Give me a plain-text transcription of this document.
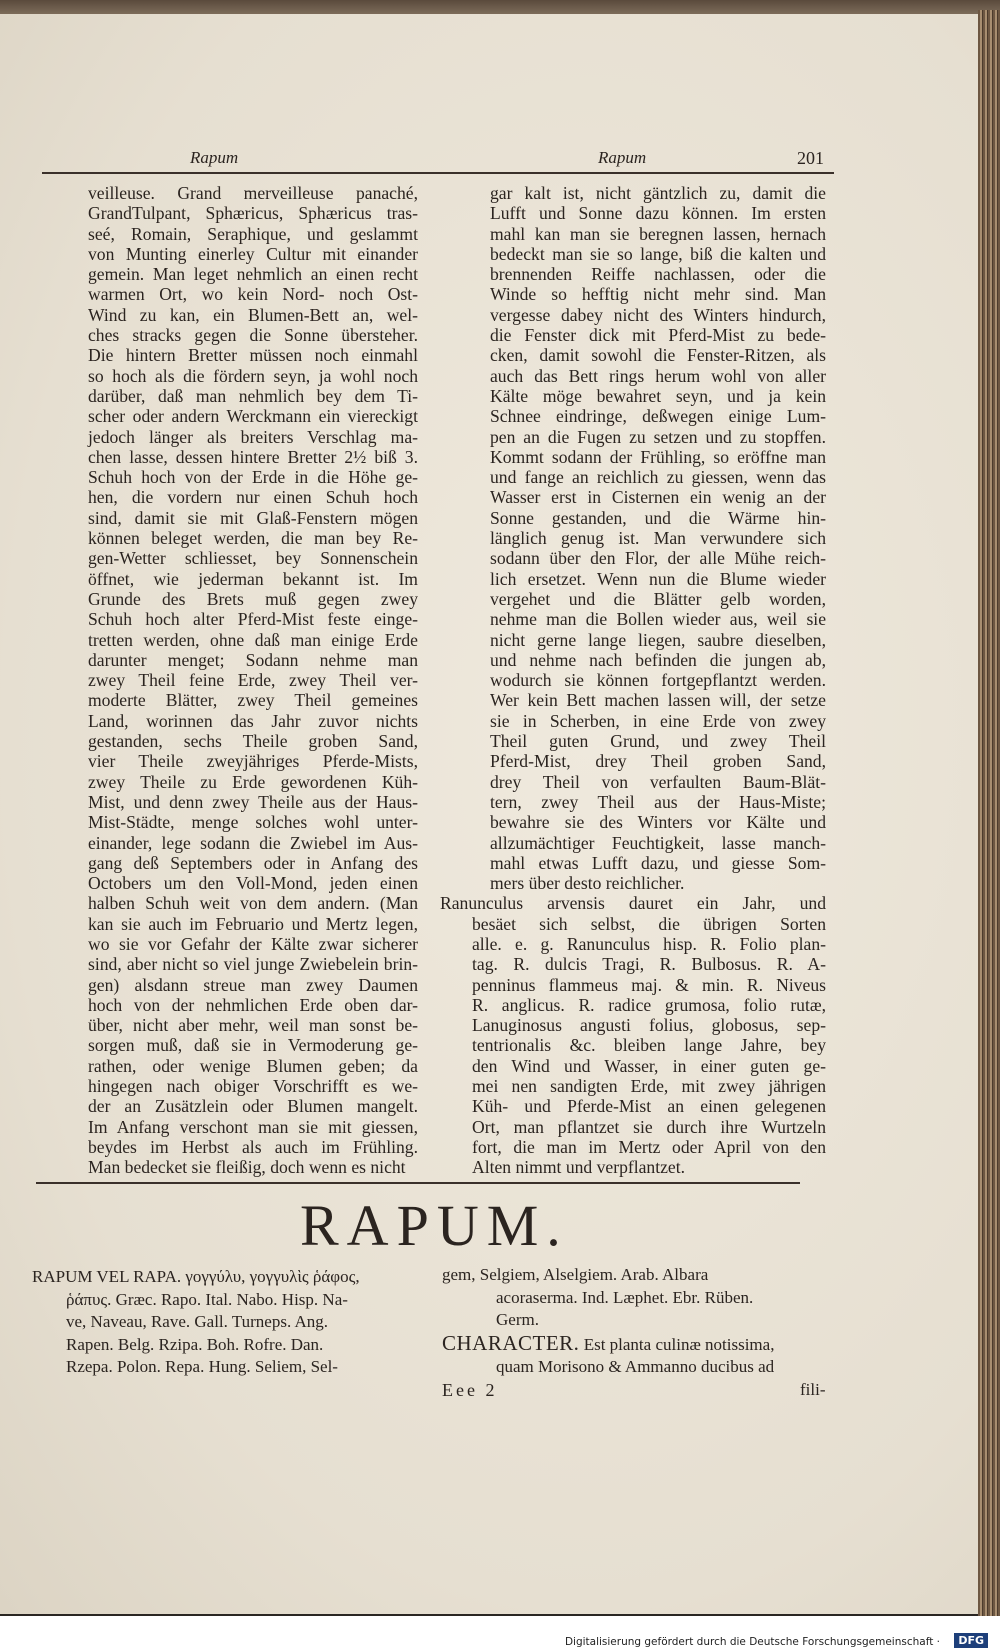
Rapum	Rapum	201
veilleuse. Grand merveilleuse panaché,
GrandTulpant, Sphæricus, Sphæricus tras-
seé, Romain, Seraphique, und geslammt
von Munting einerley Cultur mit einander
gemein. Man leget nehmlich an einen recht
warmen Ort, wo kein Nord- noch Ost-
Wind zu kan, ein Blumen-Bett an, wel-
ches stracks gegen die Sonne übersteher.
Die hintern Bretter müssen noch einmahl
so hoch als die fördern seyn, ja wohl noch
darüber, daß man nehmlich bey dem Ti-
scher oder andern Werckmann ein viereckigt
jedoch länger als breiters Verschlag ma-
chen lasse, dessen hintere Bretter 2½ biß 3.
Schuh hoch von der Erde in die Höhe ge-
hen, die vordern nur einen Schuh hoch
sind, damit sie mit Glaß-Fenstern mögen
können beleget werden, die man bey Re-
gen-Wetter schliesset, bey Sonnenschein
öffnet, wie jederman bekannt ist. Im
Grunde des Brets muß gegen zwey
Schuh hoch alter Pferd-Mist feste einge-
tretten werden, ohne daß man einige Erde
darunter menget; Sodann nehme man
zwey Theil feine Erde, zwey Theil ver-
moderte Blätter, zwey Theil gemeines
Land, worinnen das Jahr zuvor nichts
gestanden, sechs Theile groben Sand,
vier Theile zweyjähriges Pferde-Mists,
zwey Theile zu Erde gewordenen Küh-
Mist, und denn zwey Theile aus der Haus-
Mist-Städte, menge solches wohl unter-
einander, lege sodann die Zwiebel im Aus-
gang deß Septembers oder in Anfang des
Octobers um den Voll-Mond, jeden einen
halben Schuh weit von dem andern. (Man
kan sie auch im Februario und Mertz legen,
wo sie vor Gefahr der Kälte zwar sicherer
sind, aber nicht so viel junge Zwiebelein brin-
gen) alsdann streue man zwey Daumen
hoch von der nehmlichen Erde oben dar-
über, nicht aber mehr, weil man sonst be-
sorgen muß, daß sie in Vermoderung ge-
rathen, oder wenige Blumen geben; da
hingegen nach obiger Vorschrifft es we-
der an Zusätzlein oder Blumen mangelt.
Im Anfang verschont man sie mit giessen,
beydes im Herbst als auch im Frühling.
Man bedecket sie fleißig, doch wenn es nicht
gar kalt ist, nicht gäntzlich zu, damit die
Lufft und Sonne dazu können. Im ersten
mahl kan man sie beregnen lassen, hernach
bedeckt man sie so lange, biß die kalten und
brennenden Reiffe nachlassen, oder die
Winde so hefftig nicht mehr sind. Man
vergesse dabey nicht des Winters hindurch,
die Fenster dick mit Pferd-Mist zu bede-
cken, damit sowohl die Fenster-Ritzen, als
auch das Bett rings herum wohl von aller
Kälte möge bewahret seyn, und ja kein
Schnee eindringe, deßwegen einige Lum-
pen an die Fugen zu setzen und zu stopffen.
Kommt sodann der Frühling, so eröffne man
und fange an reichlich zu giessen, wenn das
Wasser erst in Cisternen ein wenig an der
Sonne gestanden, und die Wärme hin-
länglich genug ist. Man verwundere sich
sodann über den Flor, der alle Mühe reich-
lich ersetzet. Wenn nun die Blume wieder
vergehet und die Blätter gelb worden,
nehme man die Bollen wieder aus, weil sie
nicht gerne lange liegen, saubre dieselben,
und nehme nach befinden die jungen ab,
wodurch sie können fortgepflantzt werden.
Wer kein Bett machen lassen will, der setze
sie in Scherben, in eine Erde von zwey
Theil guten Grund, und zwey Theil
Pferd-Mist, drey Theil groben Sand,
drey Theil von verfaulten Baum-Blät-
tern, zwey Theil aus der Haus-Miste;
bewahre sie des Winters vor Kälte und
allzumächtiger Feuchtigkeit, lasse manch-
mahl etwas Lufft dazu, und giesse Som-
mers über desto reichlicher.
Ranunculus arvensis dauret ein Jahr, und
besäet sich selbst, die übrigen Sorten
alle. e. g. Ranunculus hisp. R. Folio plan-
tag. R. dulcis Tragi, R. Bulbosus. R. A-
penninus flammeus maj. & min. R. Niveus
R. anglicus. R. radice grumosa, folio rutæ,
Lanuginosus angusti folius, globosus, sep-
tentrionalis &c. bleiben lange Jahre, bey
den Wind und Wasser, in einer guten ge-
mei nen sandigten Erde, mit zwey jährigen
Küh- und Pferde-Mist an einen gelegenen
Ort, man pflantzet sie durch ihre Wurtzeln
fort, die man im Mertz oder April von den
Alten nimmt und verpflantzet.
RAPUM.
RAPUM VEL RAPA. γογγύλυ, γογγυλὶς ῥάφος,
ῥάπυς. Græc. Rapo. Ital. Nabo. Hisp. Na-
ve, Naveau, Rave. Gall. Turneps. Ang.
Rapen. Belg. Rzipa. Boh. Rofre. Dan.
Rzepa. Polon. Repa. Hung. Seliem, Sel-
gem, Selgiem, Alselgiem. Arab. Albara
acoraserma. Ind. Læphet. Ebr. Rüben.
Germ.
CHARACTER. Est planta culinæ notissima,
quam Morisono & Ammanno ducibus ad
Eee 2	fili-
Digitalisierung gefördert durch die Deutsche Forschungsgemeinschaft ·	DFG
